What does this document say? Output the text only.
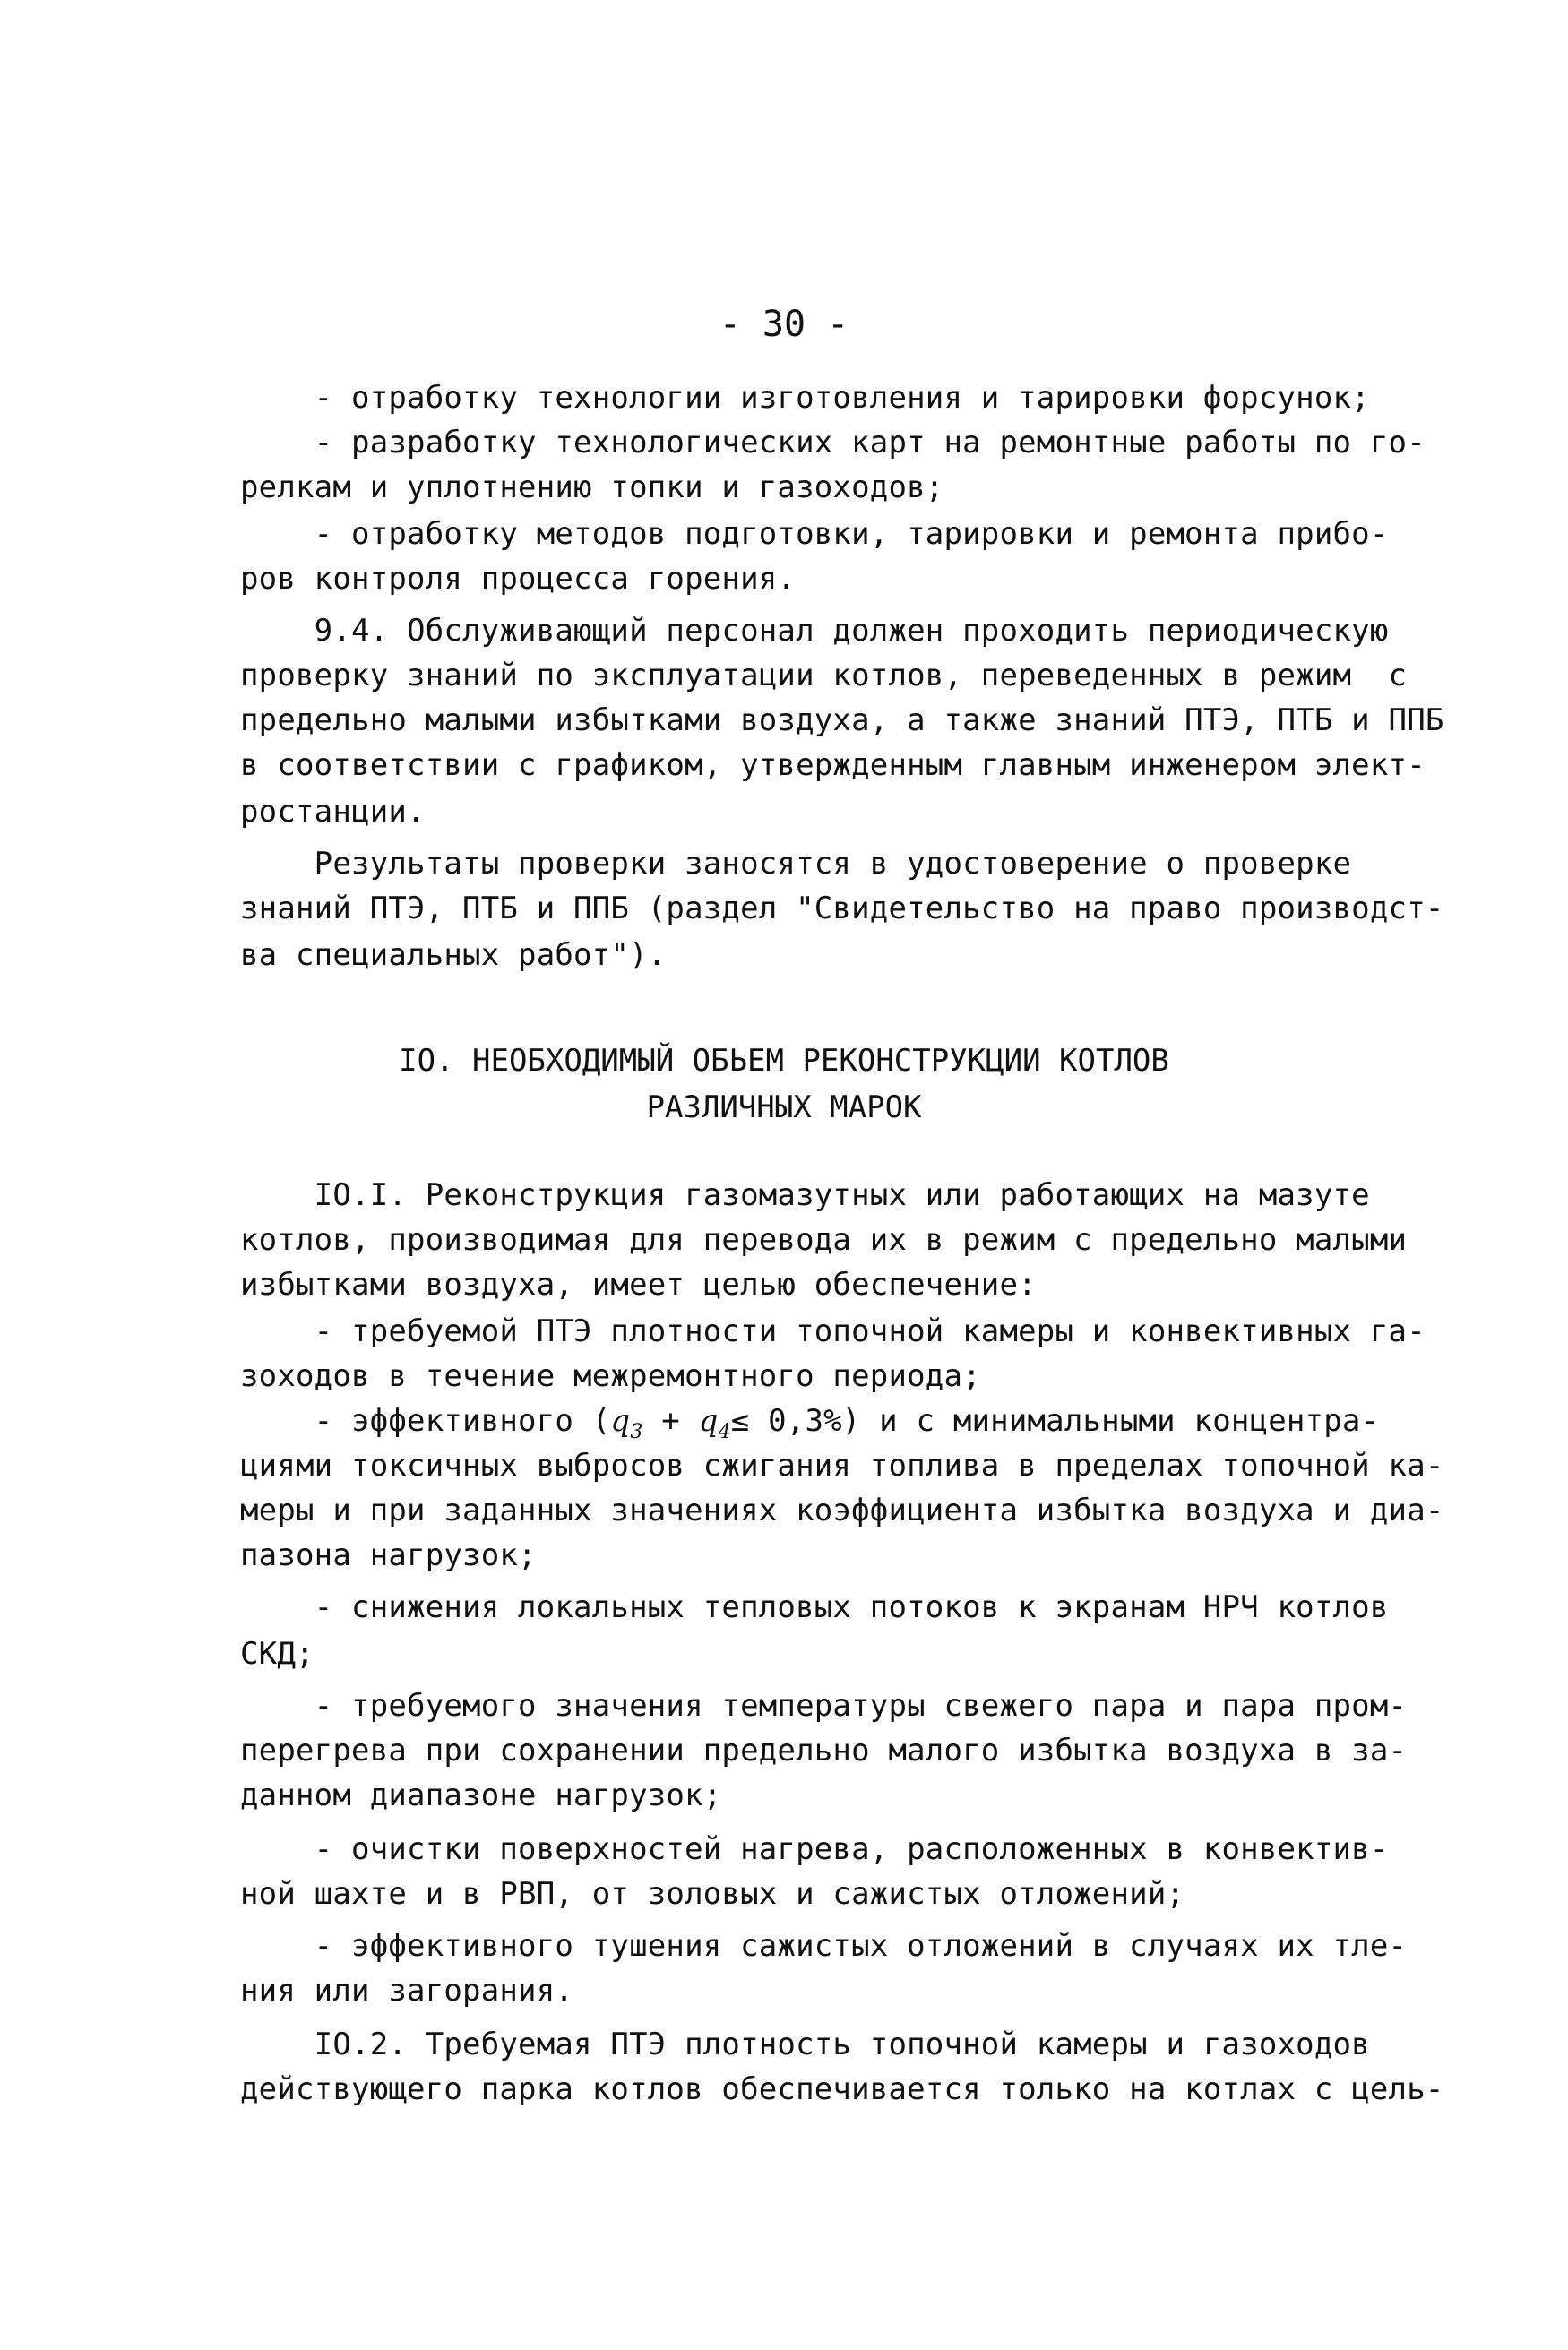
- 30 -
- отработку технологии изготовления и тарировки форсунок;
- разработку технологических карт на ремонтные работы по го-
релкам и уплотнению топки и газоходов;
- отработку методов подготовки, тарировки и ремонта прибо-
ров контроля процесса горения.
9.4. Обслуживающий персонал должен проходить периодическую
проверку знаний по эксплуатации котлов, переведенных в режим  с
предельно малыми избытками воздуха, а также знаний ПТЭ, ПТБ и ППБ
в соответствии с графиком, утвержденным главным инженером элект-
ростанции.
Результаты проверки заносятся в удостоверение о проверке
знаний ПТЭ, ПТБ и ППБ (раздел "Свидетельство на право производст-
ва специальных работ").
IO. НЕОБХОДИМЫЙ ОБЬЕМ РЕКОНСТРУКЦИИ КОТЛОВ
РАЗЛИЧНЫХ МАРОК
IO.I. Реконструкция газомазутных или работающих на мазуте
котлов, производимая для перевода их в режим с предельно малыми
избытками воздуха, имеет целью обеспечение:
- требуемой ПТЭ плотности топочной камеры и конвективных га-
зоходов в течение межремонтного периода;
- эффективного $(q_3 + q_4\le 0,3\%)$ и с минимальными концентра-
циями токсичных выбросов сжигания топлива в пределах топочной ка-
меры и при заданных значениях коэффициента избытка воздуха и диа-
пазона нагрузок;
- снижения локальных тепловых потоков к экранам НРЧ котлов
СКД;
- требуемого значения температуры свежего пара и пара пром-
перегрева при сохранении предельно малого избытка воздуха в за-
данном диапазоне нагрузок;
- очистки поверхностей нагрева, расположенных в конвектив-
ной шахте и в РВП, от золовых и сажистых отложений;
- эффективного тушения сажистых отложений в случаях их тле-
ния или загорания.
IO.2. Требуемая ПТЭ плотность топочной камеры и газоходов
действующего парка котлов обеспечивается только на котлах с цель-
